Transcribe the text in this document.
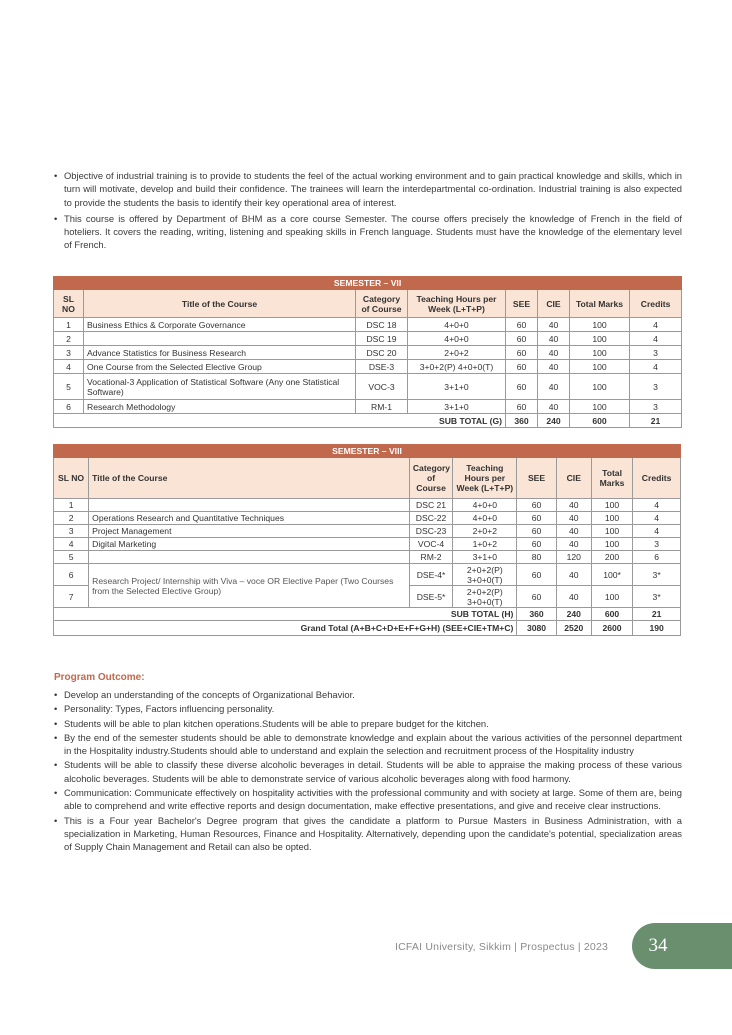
• Objective of industrial training is to provide to students the feel of the actual working environment and to gain practical knowledge and skills, which in turn will motivate, develop and build their confidence. The trainees will learn the interdepartmental co-ordination. Industrial training is also expected to provide the students the basis to identify their key operational area of interest.
• This course is offered by Department of BHM as a core course Semester. The course offers precisely the knowledge of French in the field of hoteliers. It covers the reading, writing, listening and speaking skills in French language. Students must have the knowledge of the elementary level of French.
SEMESTER – VII							
SL NO	Title of the Course	Category of Course	Teaching Hours per Week (L+T+P)	SEE	CIE	Total Marks	Credits
1	Business Ethics & Corporate Governance	DSC 18	4+0+0	60	40	100	4
2		DSC 19	4+0+0	60	40	100	4
3	Advance Statistics for Business Research	DSC 20	2+0+2	60	40	100	3
4	One Course from the Selected Elective Group	DSE-3	3+0+2(P) 4+0+0(T)	60	40	100	4
5	Vocational-3 Application of Statistical Software (Any one Statistical Software)	VOC-3	3+1+0	60	40	100	3
6	Research Methodology	RM-1	3+1+0	60	40	100	3
SUB TOTAL (G)				360	240	600	21
SEMESTER – VIII							
SL NO	Title of the Course	Category of Course	Teaching Hours per Week (L+T+P)	SEE	CIE	Total Marks	Credits
1		DSC 21	4+0+0	60	40	100	4
2	Operations Research and Quantitative Techniques	DSC-22	4+0+0	60	40	100	4
3	Project Management	DSC-23	2+0+2	60	40	100	4
4	Digital Marketing	VOC-4	1+0+2	60	40	100	3
5		RM-2	3+1+0	80	120	200	6
6	Research Project/ Internship with Viva – voce OR Elective Paper (Two Courses from the Selected Elective Group)	DSE-4*	2+0+2(P)
3+0+0(T)	60	40	100*	3*
7		DSE-5*	2+0+2(P)
3+0+0(T)	60	40	100	3*
SUB TOTAL (H)				360	240	600	21
Grand Total (A+B+C+D+E+F+G+H) (SEE+CIE+TM+C)				3080	2520	2600	190
Program Outcome:
• Develop an understanding of the concepts of Organizational Behavior.
• Personality: Types, Factors influencing personality.
• Students will be able to plan kitchen operations.Students will be able to prepare budget for the kitchen.
• By the end of the semester students should be able to demonstrate knowledge and explain about the various activities of the personnel department in the Hospitality industry.Students should able to understand and explain the selection and recruitment process of the Hospitality industry
• Students will be able to classify these diverse alcoholic beverages in detail. Students will be able to appraise the making process of these various alcoholic beverages. Students will be able to demonstrate service of various alcoholic beverages along with food harmony.
• Communication: Communicate effectively on hospitality activities with the professional community and with society at large. Some of them are, being able to comprehend and write effective reports and design documentation, make effective presentations, and give and receive clear instructions.
• This is a Four year Bachelor's Degree program that gives the candidate a platform to Pursue Masters in Business Administration, with a specialization in Marketing, Human Resources, Finance and Hospitality. Alternatively, depending upon the candidate's potential, specialization areas of Supply Chain Management and Retail can also be opted.
ICFAI University, Sikkim | Prospectus | 2023	34
